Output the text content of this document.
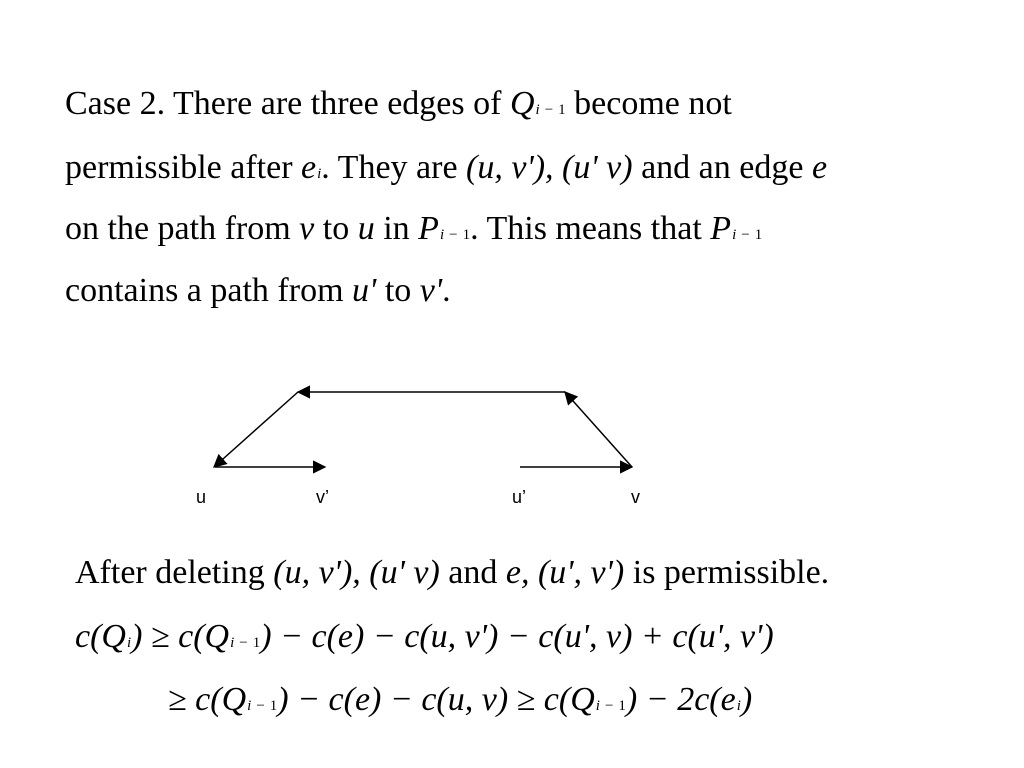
Case 2. There are three edges of Qi − 1 become not
permissible after ei. They are (u, v'), (u' v) and an edge e
on the path from v to u in Pi − 1. This means that Pi − 1
contains a path from u' to v'.
u	v’	u’	v
After deleting (u, v'), (u' v) and e, (u', v') is permissible.
c(Qi) ≥ c(Qi − 1) − c(e) − c(u, v') − c(u', v) + c(u', v')
≥ c(Qi − 1) − c(e) − c(u, v) ≥ c(Qi − 1) − 2c(ei)
